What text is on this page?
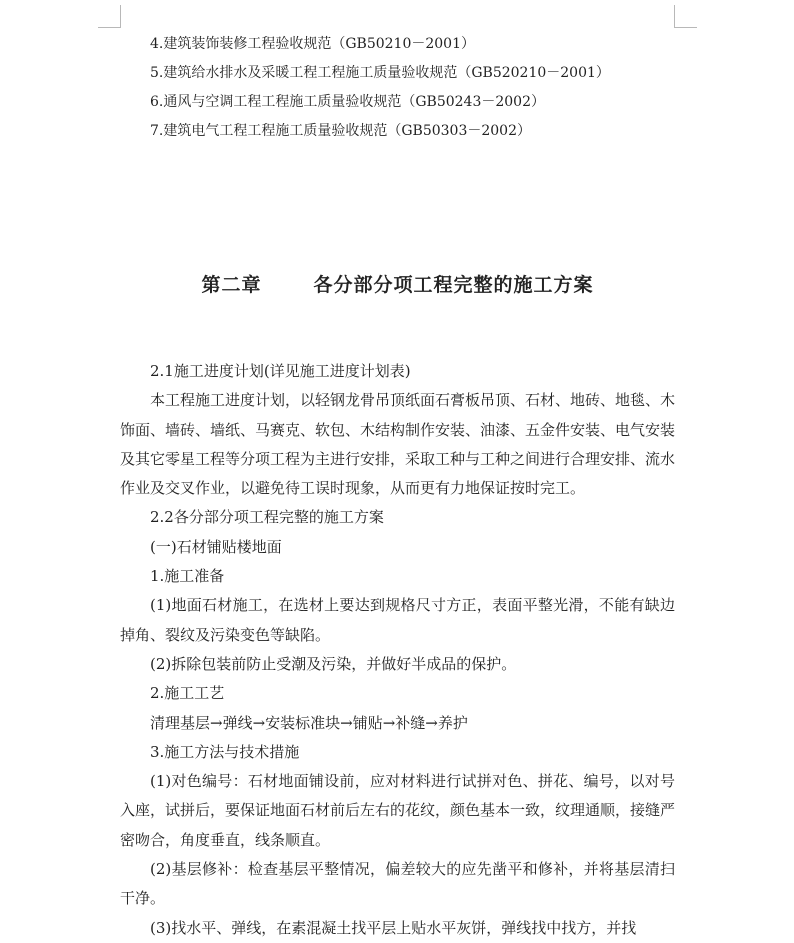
4.建筑装饰装修工程验收规范（GB50210－2001）
5.建筑给水排水及采暖工程工程施工质量验收规范（GB520210－2001）
6.通风与空调工程工程施工质量验收规范（GB50243－2002）
7.建筑电气工程工程施工质量验收规范（GB50303－2002）
第二章	各分部分项工程完整的施工方案

2.1施工进度计划(详见施工进度计划表)

本工程施工进度计划，以轻钢龙骨吊顶纸面石膏板吊顶、石材、地砖、地毯、木饰面、墙砖、墙纸、马赛克、软包、木结构制作安装、油漆、五金件安装、电气安装及其它零星工程等分项工程为主进行安排，采取工种与工种之间进行合理安排、流水作业及交叉作业，以避免待工误时现象，从而更有力地保证按时完工。

2.2各分部分项工程完整的施工方案

(一)石材铺贴楼地面

1.施工准备

(1)地面石材施工，在选材上要达到规格尺寸方正，表面平整光滑，不能有缺边掉角、裂纹及污染变色等缺陷。

(2)拆除包装前防止受潮及污染，并做好半成品的保护。

2.施工工艺

清理基层→弹线→安装标准块→铺贴→补缝→养护

3.施工方法与技术措施

(1)对色编号：石材地面铺设前，应对材料进行试拼对色、拼花、编号，以对号入座，试拼后，要保证地面石材前后左右的花纹，颜色基本一致，纹理通顺，接缝严密吻合，角度垂直，线条顺直。

(2)基层修补：检查基层平整情况，偏差较大的应先凿平和修补，并将基层清扫干净。

(3)找水平、弹线，在素混凝土找平层上贴水平灰饼，弹线找中找方，并找
